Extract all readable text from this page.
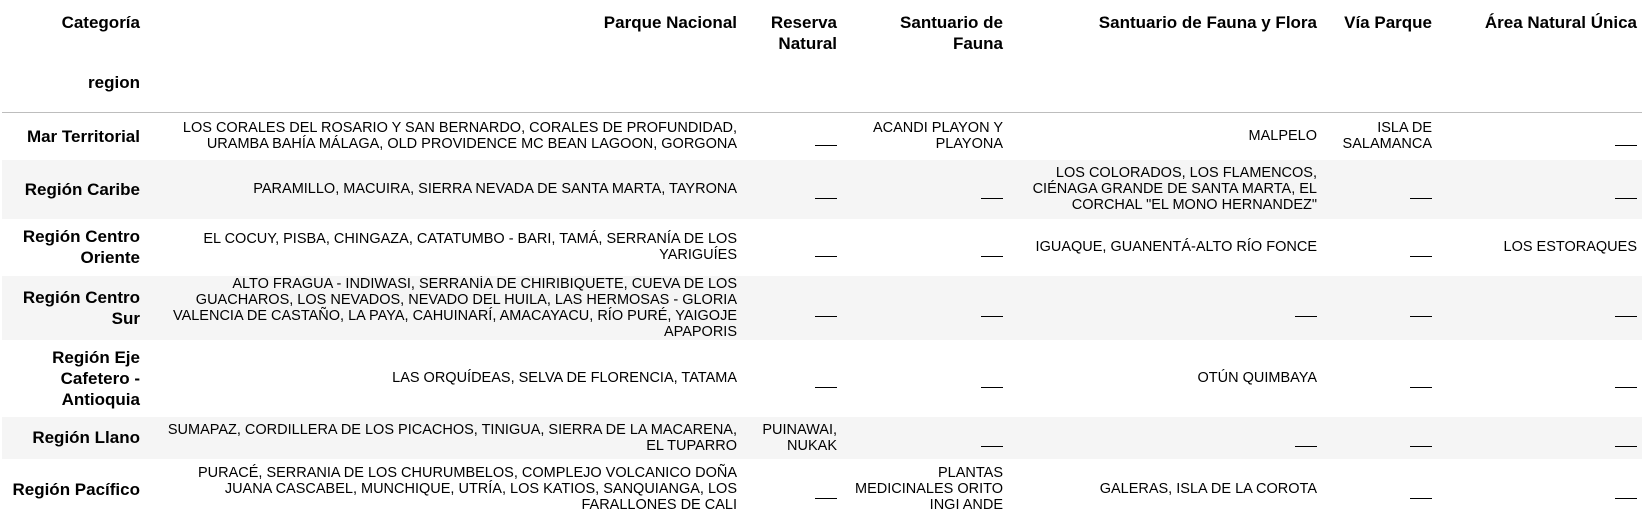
Categoría	Parque Nacional	Reserva Natural	Santuario de Fauna	Santuario de Fauna y Flora	Vía Parque	Área Natural Única
region						
Mar Territorial	LOS CORALES DEL ROSARIO Y SAN BERNARDO, CORALES DE PROFUNDIDAD, URAMBA BAHÍA MÁLAGA, OLD PROVIDENCE MC BEAN LAGOON, GORGONA		ACANDI PLAYON Y PLAYONA	MALPELO	ISLA DE SALAMANCA	
Región Caribe	PARAMILLO, MACUIRA, SIERRA NEVADA DE SANTA MARTA, TAYRONA			LOS COLORADOS, LOS FLAMENCOS, CIÉNAGA GRANDE DE SANTA MARTA, EL CORCHAL "EL MONO HERNANDEZ"		
Región Centro Oriente	EL COCUY, PISBA, CHINGAZA, CATATUMBO - BARI, TAMÁ, SERRANÍA DE LOS YARIGUÍES			IGUAQUE, GUANENTÁ-ALTO RÍO FONCE		LOS ESTORAQUES
Región Centro Sur	ALTO FRAGUA - INDIWASI, SERRANÍA DE CHIRIBIQUETE, CUEVA DE LOS GUACHAROS, LOS NEVADOS, NEVADO DEL HUILA, LAS HERMOSAS - GLORIA VALENCIA DE CASTAÑO, LA PAYA, CAHUINARÍ, AMACAYACU, RÍO PURÉ, YAIGOJE APAPORIS					
Región Eje Cafetero - Antioquia	LAS ORQUÍDEAS, SELVA DE FLORENCIA, TATAMA			OTÚN QUIMBAYA		
Región Llano	SUMAPAZ, CORDILLERA DE LOS PICACHOS, TINIGUA, SIERRA DE LA MACARENA, EL TUPARRO	PUINAWAI, NUKAK				
Región Pacífico	PURACÉ, SERRANIA DE LOS CHURUMBELOS, COMPLEJO VOLCANICO DOÑA JUANA CASCABEL, MUNCHIQUE, UTRÍA, LOS KATIOS, SANQUIANGA, LOS FARALLONES DE CALI		PLANTAS MEDICINALES ORITO INGI ANDE	GALERAS, ISLA DE LA COROTA		
